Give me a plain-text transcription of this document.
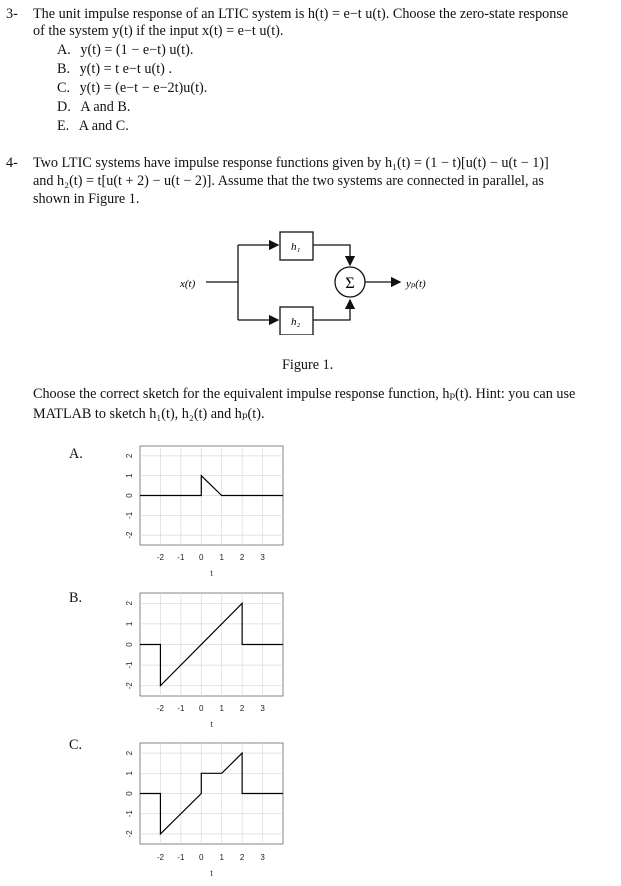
3- The unit impulse response of an LTIC system is h(t) = e−t u(t). Choose the zero-state response
of the system y(t) if the input x(t) = e−t u(t).
A. y(t) = (1 − e−t) u(t).
B. y(t) = t e−t u(t) .
C. y(t) = (e−t − e−2t)u(t).
D. A and B.
E. A and C.
4- Two LTIC systems have impulse response functions given by h₁(t) = (1 − t)[u(t) − u(t − 1)]
and h₂(t) = t[u(t + 2) − u(t − 2)]. Assume that the two systems are connected in parallel, as
shown in Figure 1.
x(t)
h₁
h₂
Σ	yₚ(t)
Figure 1.
Choose the correct sketch for the equivalent impulse response function, hₚ(t). Hint: you can use
MATLAB to sketch h₁(t), h₂(t) and hₚ(t).
A.
B.
C.
-2 -1 0 1 2 3
2
1
0
-1
-2
t
-2 -1 0 1 2 3
2
1
0
-1
-2
t
-2 -1 0 1 2 3
2
1
0
-1
-2
t
